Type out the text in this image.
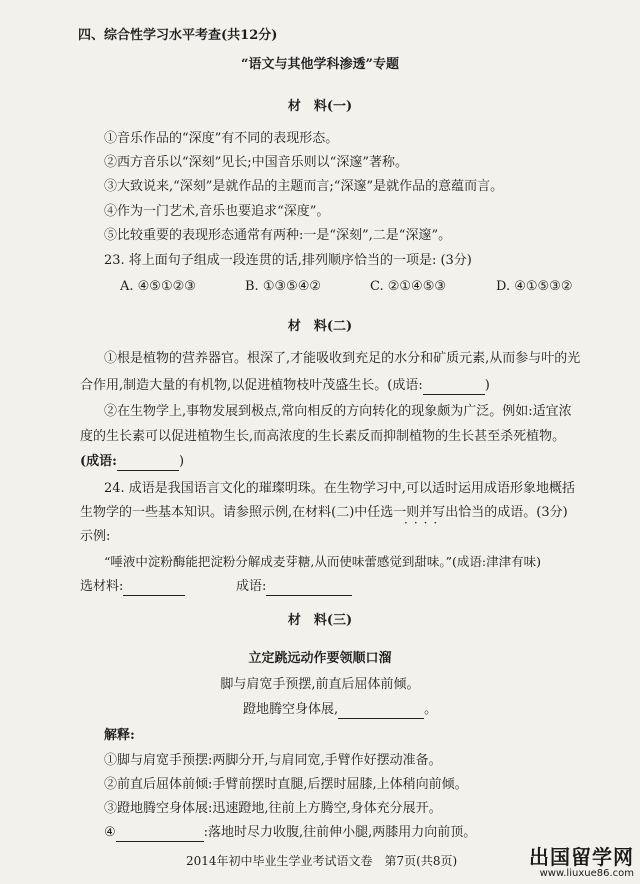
四、综合性学习水平考查(共12分)
“语文与其他学科渗透”专题
材　料(一)
①音乐作品的“深度”有不同的表现形态。
②西方音乐以“深刻”见长;中国音乐则以“深邃”著称。
③大致说来,“深刻”是就作品的主题而言;“深邃”是就作品的意蕴而言。
④作为一门艺术,音乐也要追求“深度”。
⑤比较重要的表现形态通常有两种:一是“深刻”,二是“深邃”。
23. 将上面句子组成一段连贯的话,排列顺序恰当的一项是: (3分)
A. ④⑤①②③	B. ①③⑤④②	C. ②①④⑤③	D. ④①⑤③②
材　料(二)
①根是植物的营养器官。根深了,才能吸收到充足的水分和矿质元素,从而参与叶的光
合作用,制造大量的有机物,以促进植物枝叶茂盛生长。(成语:	)
②在生物学上,事物发展到极点,常向相反的方向转化的现象颇为广泛。例如:适宜浓
度的生长素可以促进植物生长,而高浓度的生长素反而抑制植物的生长甚至杀死植物。
(成语:	)
24. 成语是我国语言文化的璀璨明珠。在生物学习中,可以适时运用成语形象地概括
生物学的一些基本知识。请参照示例,在材料(二)中任选一则并写出恰当的成语。(3分)
····
示例:
“唾液中淀粉酶能把淀粉分解成麦芽糖,从而使味蕾感觉到甜味。”(成语:津津有味)
选材料:	成语:
材　料(三)
立定跳远动作要领顺口溜
脚与肩宽手预摆,前直后屈体前倾。
蹬地腾空身体展,	。
解释:
①脚与肩宽手预摆:两脚分开,与肩同宽,手臂作好摆动准备。
②前直后屈体前倾:手臂前摆时直腿,后摆时屈膝,上体稍向前倾。
③蹬地腾空身体展:迅速蹬地,往前上方腾空,身体充分展开。
④	:落地时尽力收腹,往前伸小腿,两膝用力向前顶。
2014年初中毕业生学业考试语文卷　第7页(共8页)	出国留学网
www.liuxue86.com
